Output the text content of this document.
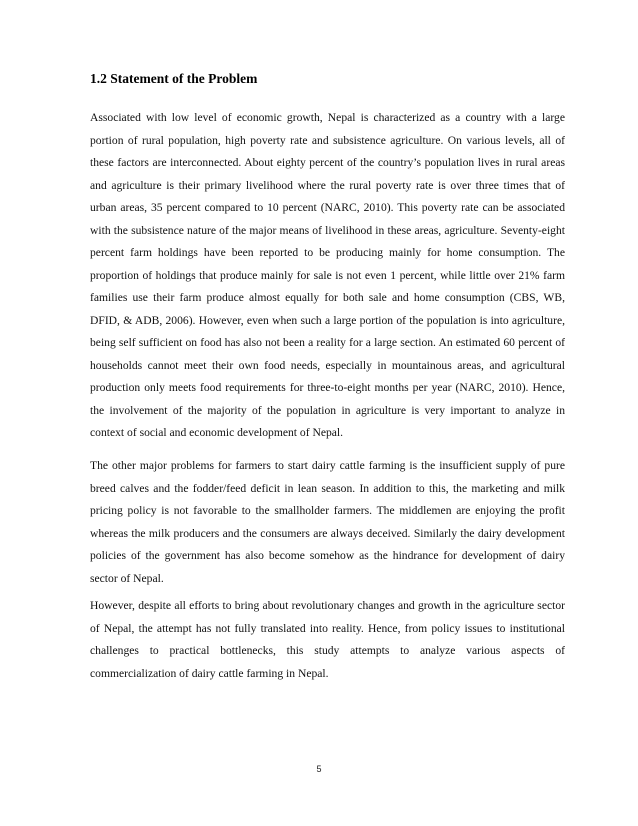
1.2 Statement of the Problem

Associated with low level of economic growth, Nepal is characterized as a country with a large portion of rural population, high poverty rate and subsistence agriculture. On various levels, all of these factors are interconnected. About eighty percent of the country’s population lives in rural areas and agriculture is their primary livelihood where the rural poverty rate is over three times that of urban areas, 35 percent compared to 10 percent (NARC, 2010). This poverty rate can be associated with the subsistence nature of the major means of livelihood in these areas, agriculture. Seventy-eight percent farm holdings have been reported to be producing mainly for home consumption. The proportion of holdings that produce mainly for sale is not even 1 percent, while little over 21% farm families use their farm produce almost equally for both sale and home consumption (CBS, WB, DFID, & ADB, 2006). However, even when such a large portion of the population is into agriculture, being self sufficient on food has also not been a reality for a large section. An estimated 60 percent of households cannot meet their own food needs, especially in mountainous areas, and agricultural production only meets food requirements for three-to-eight months per year (NARC, 2010). Hence, the involvement of the majority of the population in agriculture is very important to analyze in context of social and economic development of Nepal.

The other major problems for farmers to start dairy cattle farming is the insufficient supply of pure breed calves and the fodder/feed deficit in lean season. In addition to this, the marketing and milk pricing policy is not favorable to the smallholder farmers. The middlemen are enjoying the profit whereas the milk producers and the consumers are always deceived. Similarly the dairy development policies of the government has also become somehow as the hindrance for development of dairy sector of Nepal.

However, despite all efforts to bring about revolutionary changes and growth in the agriculture sector of Nepal, the attempt has not fully translated into reality. Hence, from policy issues to institutional challenges to practical bottlenecks, this study attempts to analyze various aspects of commercialization of dairy cattle farming in Nepal.

5
